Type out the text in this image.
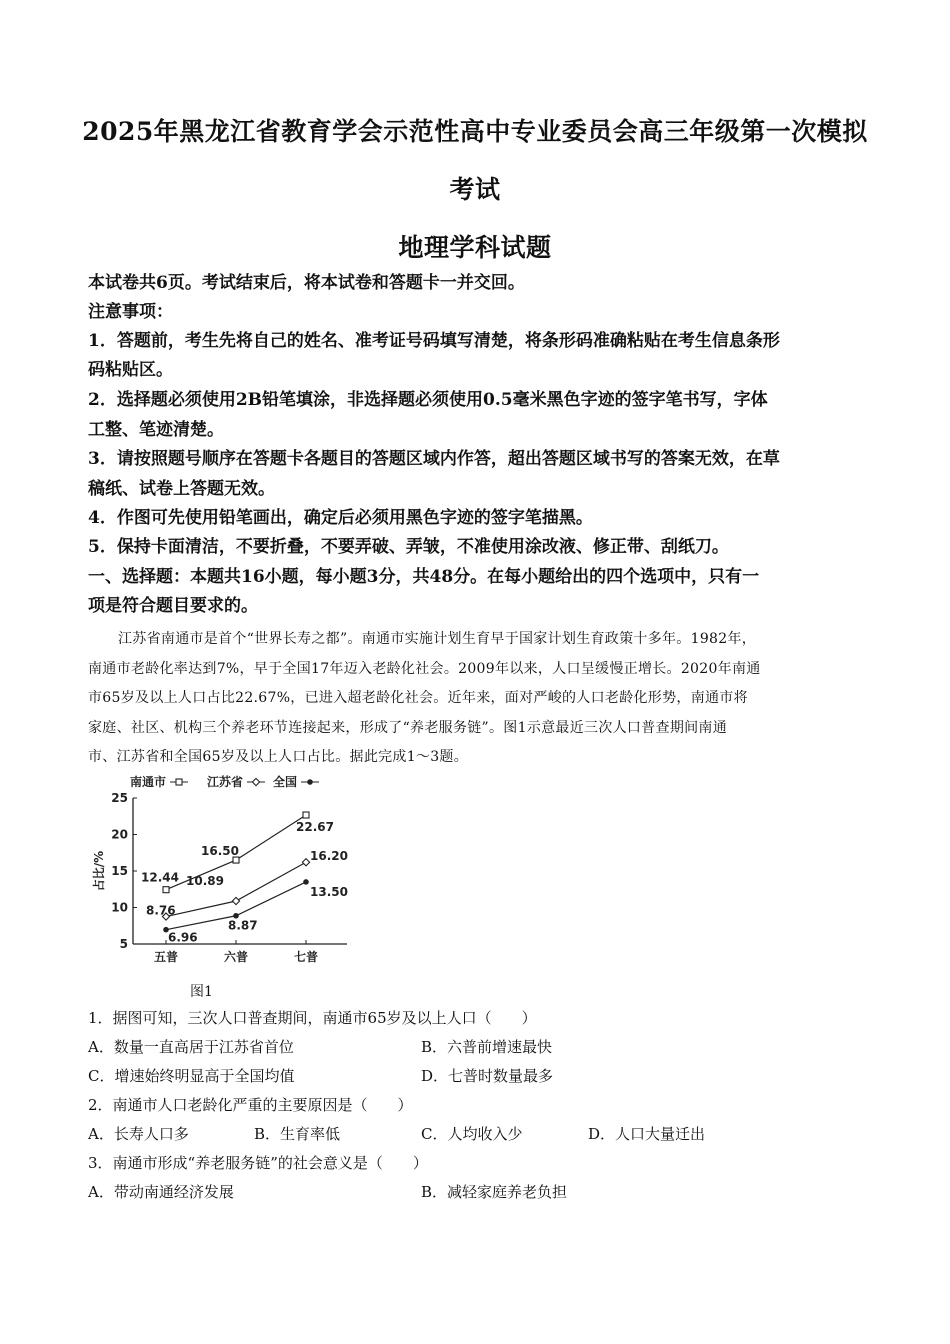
2025年黑龙江省教育学会示范性高中专业委员会高三年级第一次模拟
考试
地理学科试题
本试卷共6页。考试结束后，将本试卷和答题卡一并交回。
注意事项：
1．答题前，考生先将自己的姓名、准考证号码填写清楚，将条形码准确粘贴在考生信息条形
码粘贴区。
2．选择题必须使用2B铅笔填涂，非选择题必须使用0.5毫米黑色字迹的签字笔书写，字体
工整、笔迹清楚。
3．请按照题号顺序在答题卡各题目的答题区域内作答，超出答题区域书写的答案无效，在草
稿纸、试卷上答题无效。
4．作图可先使用铅笔画出，确定后必须用黑色字迹的签字笔描黑。
5．保持卡面清洁，不要折叠，不要弄破、弄皱，不准使用涂改液、修正带、刮纸刀。
一、选择题：本题共16小题，每小题3分，共48分。在每小题给出的四个选项中，只有一
项是符合题目要求的。
江苏省南通市是首个“世界长寿之都”。南通市实施计划生育早于国家计划生育政策十多年。1982年，
南通市老龄化率达到7%，早于全国17年迈入老龄化社会。2009年以来，人口呈缓慢正增长。2020年南通
市65岁及以上人口占比22.67%，已进入超老龄化社会。近年来，面对严峻的人口老龄化形势，南通市将
家庭、社区、机构三个养老环节连接起来，形成了“养老服务链”。图1示意最近三次人口普查期间南通
市、江苏省和全国65岁及以上人口占比。据此完成1～3题。
5
10
15
20
25
五普	六普	七普
占比/%
南通市	江苏省 全国
12.44
16.50
22.67
8.76
10.89
16.20
6.96
8.87
13.50
图1
1．据图可知，三次人口普查期间，南通市65岁及以上人口（　　）
A．数量一直高居于江苏省首位	B．六普前增速最快
C．增速始终明显高于全国均值	D．七普时数量最多
2．南通市人口老龄化严重的主要原因是（　　）
A．长寿人口多	B．生育率低	C．人均收入少	D．人口大量迁出
3．南通市形成“养老服务链”的社会意义是（　　）
A．带动南通经济发展	B．减轻家庭养老负担
